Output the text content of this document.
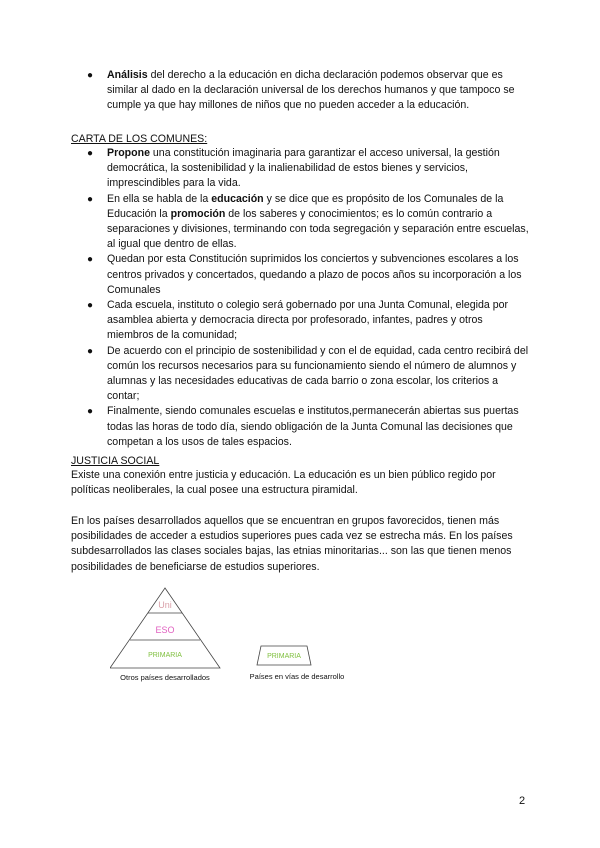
● Análisis del derecho a la educación en dicha declaración podemos observar que es similar al dado en la declaración universal de los derechos humanos y que tampoco se cumple ya que hay millones de niños que no pueden acceder a la educación.
CARTA DE LOS COMUNES:
● Propone una constitución imaginaria para garantizar el acceso universal, la gestión democrática, la sostenibilidad y la inalienabilidad de estos bienes y servicios, imprescindibles para la vida.
● En ella se habla de la educación y se dice que es propósito de los Comunales de la Educación la promoción de los saberes y conocimientos; es lo común contrario a separaciones y divisiones, terminando con toda segregación y separación entre escuelas, al igual que dentro de ellas.
● Quedan por esta Constitución suprimidos los conciertos y subvenciones escolares a los centros privados y concertados, quedando a plazo de pocos años su incorporación a los Comunales
● Cada escuela, instituto o colegio será gobernado por una Junta Comunal, elegida por asamblea abierta y democracia directa por profesorado, infantes, padres y otros miembros de la comunidad;
● De acuerdo con el principio de sostenibilidad y con el de equidad, cada centro recibirá del común los recursos necesarios para su funcionamiento siendo el número de alumnos y alumnas y las necesidades educativas de cada barrio o zona escolar, los criterios a contar;
● Finalmente, siendo comunales escuelas e institutos,permanecerán abiertas sus puertas todas las horas de todo día, siendo obligación de la Junta Comunal las decisiones que competan a los usos de tales espacios.
JUSTICIA SOCIAL
Existe una conexión entre justicia y educación. La educación es un bien público regido por políticas neoliberales, la cual posee una estructura piramidal.
En los países desarrollados aquellos que se encuentran en grupos favorecidos, tienen más posibilidades de acceder a estudios superiores pues cada vez se estrecha más. En los países subdesarrollados las clases sociales bajas, las etnias minoritarias... son las que tienen menos posibilidades de beneficiarse de estudios superiores.
Uni
ESO
PRIMARIA
Otros países desarrollados
PRIMARIA
Países en vías de desarrollo
2
